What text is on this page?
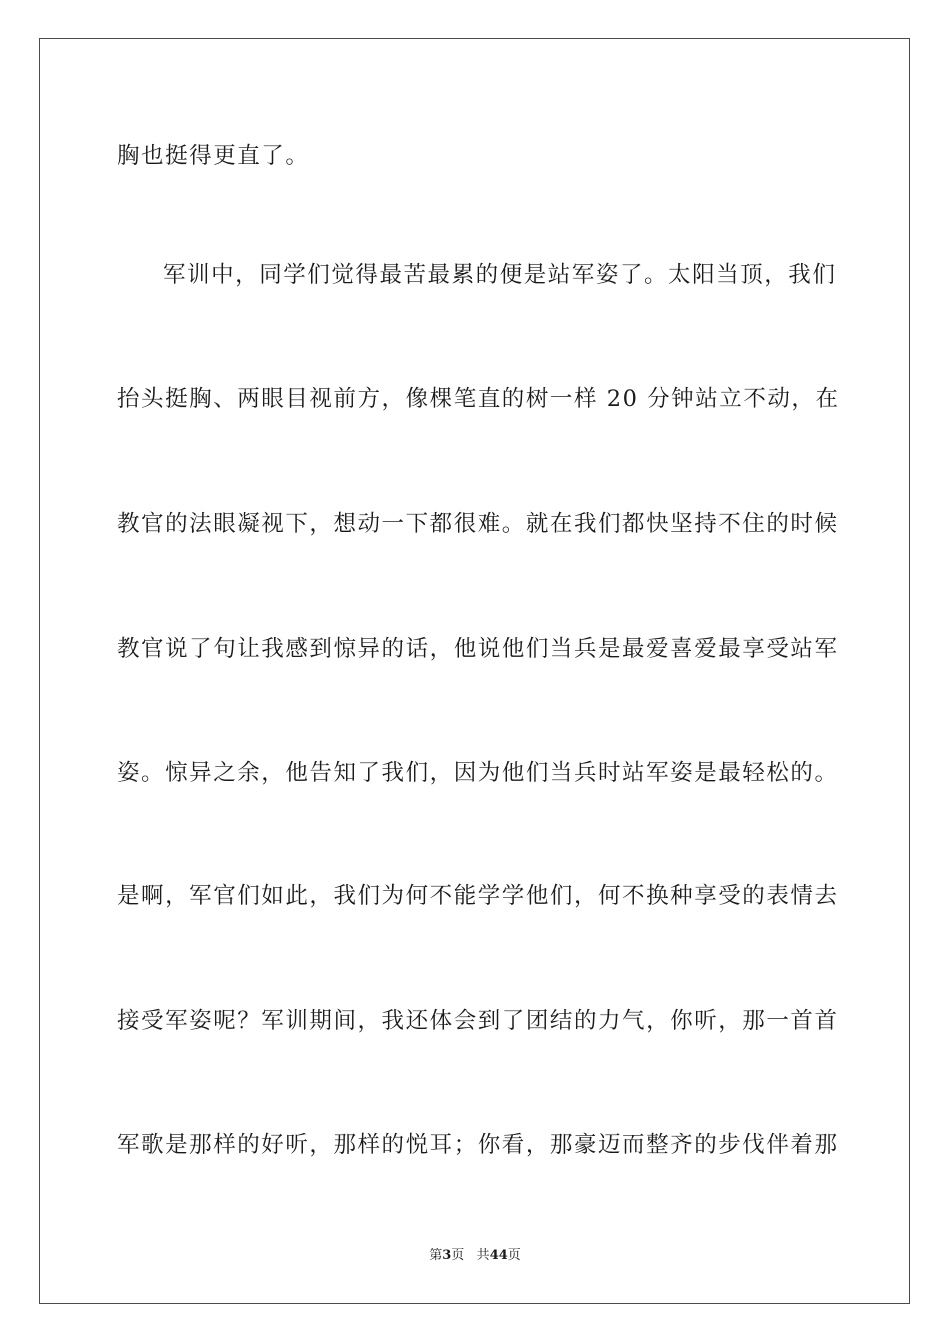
胸也挺得更直了。
军训中，同学们觉得最苦最累的便是站军姿了。太阳当顶，我们
抬头挺胸、两眼目视前方，像棵笔直的树一样 20 分钟站立不动，在
教官的法眼凝视下，想动一下都很难。就在我们都快坚持不住的时候
教官说了句让我感到惊异的话，他说他们当兵是最爱喜爱最享受站军
姿。惊异之余，他告知了我们，因为他们当兵时站军姿是最轻松的。
是啊，军官们如此，我们为何不能学学他们，何不换种享受的表情去
接受军姿呢？军训期间，我还体会到了团结的力气，你听，那一首首
军歌是那样的好听，那样的悦耳；你看，那豪迈而整齐的步伐伴着那
第3页 共44页
